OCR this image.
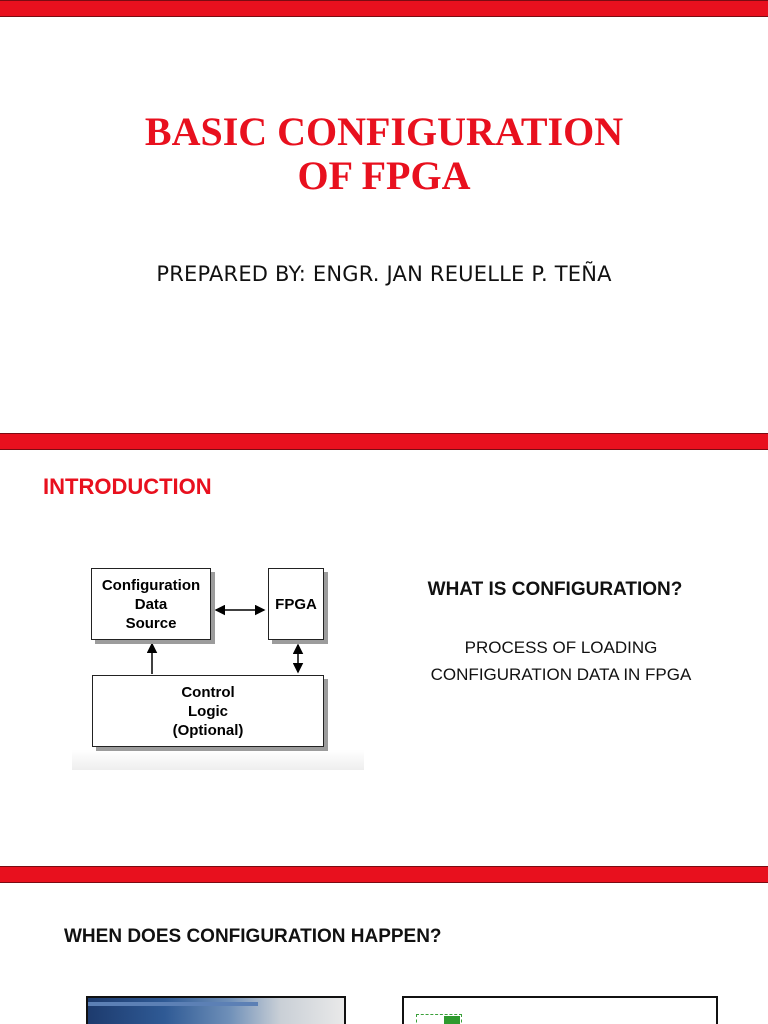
BASIC CONFIGURATION
OF FPGA
PREPARED BY: ENGR. JAN REUELLE P. TEÑA
INTRODUCTION
Configuration
Data
Source
FPGA
Control
Logic
(Optional)
WHAT IS CONFIGURATION?
PROCESS OF LOADING
CONFIGURATION DATA IN FPGA
WHEN DOES CONFIGURATION HAPPEN?
